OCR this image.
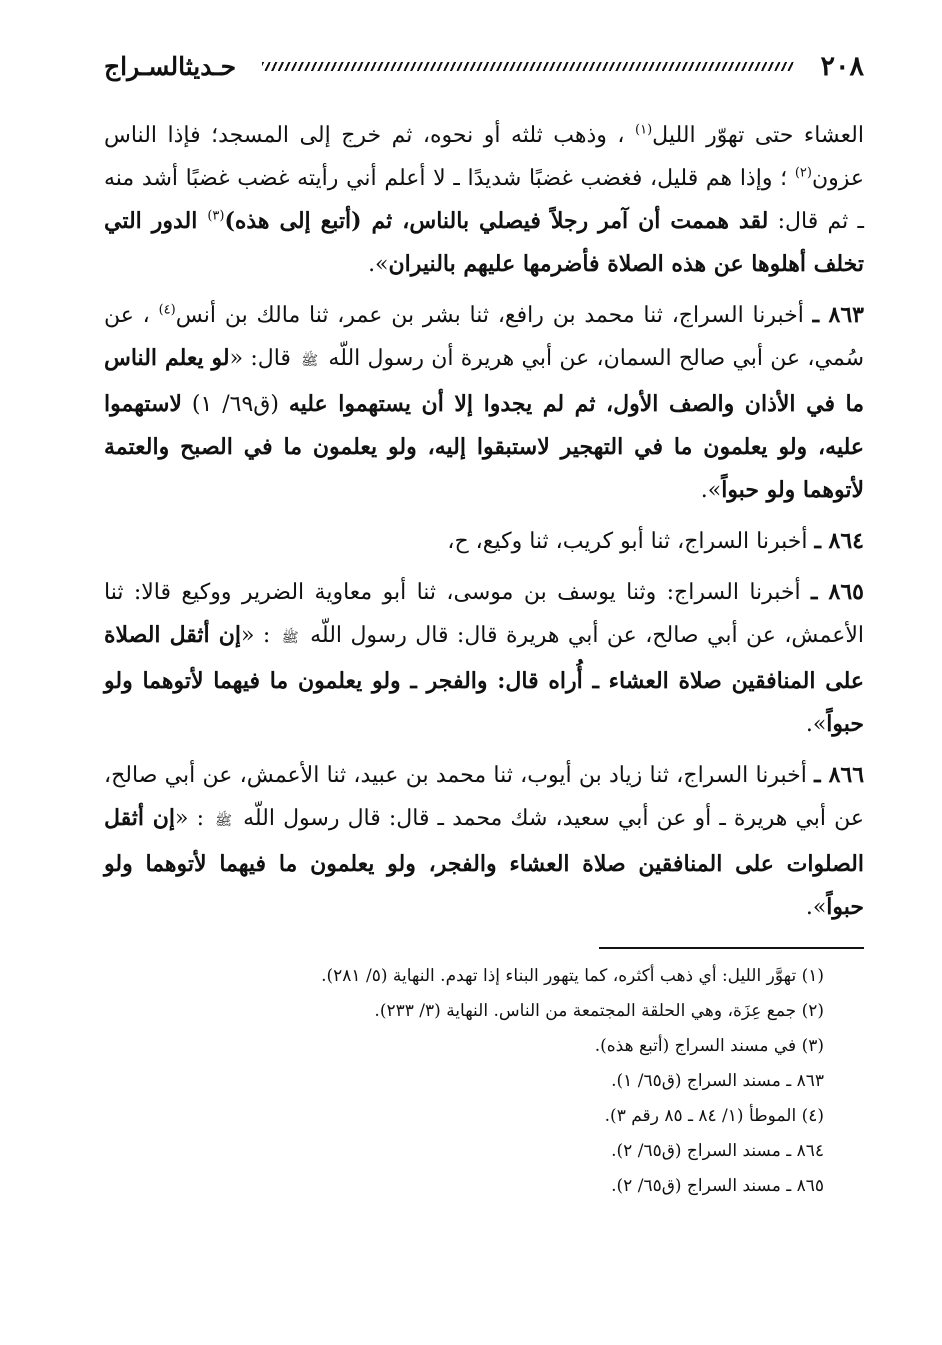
٢٠٨
حـديثالسـراج

العشاء حتى تهوّر الليل$^{(١)}$ ، وذهب ثلثه أو نحوه، ثم خرج إلى المسجد؛ فإذا الناس عزون$^{(٢)}$ ؛ وإذا هم قليل، فغضب غضبًا شديدًا ـ لا أعلم أني رأيته غضب غضبًا أشد منه ـ ثم قال: لقد هممت أن آمر رجلاً فيصلي بالناس، ثم (أتبع إلى هذه)$^{(٣)}$ الدور التي تخلف أهلوها عن هذه الصلاة فأضرمها عليهم بالنيران».

٨٦٣ ـ أخبرنا السراج، ثنا محمد بن رافع، ثنا بشر بن عمر، ثنا مالك بن أنس$^{(٤)}$ ، عن سُمي، عن أبي صالح السمان، عن أبي هريرة أن رسول اللّه ﷺ قال: «لو يعلم الناس ما في الأذان والصف الأول، ثم لم يجدوا إلا أن يستهموا عليه (ق٦٩/ ١) لاستهموا عليه، ولو يعلمون ما في التهجير لاستبقوا إليه، ولو يعلمون ما في الصبح والعتمة لأتوهما ولو حبواً».

٨٦٤ ـ أخبرنا السراج، ثنا أبو كريب، ثنا وكيع، ح،

٨٦٥ ـ أخبرنا السراج: وثنا يوسف بن موسى، ثنا أبو معاوية الضرير ووكيع قالا: ثنا الأعمش، عن أبي صالح، عن أبي هريرة قال: قال رسول اللّه ﷺ : «إن أثقل الصلاة على المنافقين صلاة العشاء ـ أُراه قال: والفجر ـ ولو يعلمون ما فيهما لأتوهما ولو حبواً».

٨٦٦ ـ أخبرنا السراج، ثنا زياد بن أيوب، ثنا محمد بن عبيد، ثنا الأعمش، عن أبي صالح، عن أبي هريرة ـ أو عن أبي سعيد، شك محمد ـ قال: قال رسول اللّه ﷺ : «إن أثقل الصلوات على المنافقين صلاة العشاء والفجر، ولو يعلمون ما فيهما لأتوهما ولو حبواً».

(١) تهوَّر الليل: أي ذهب أكثره، كما يتهور البناء إذا تهدم. النهاية (٥/ ٢٨١).
(٢) جمع عِزَة، وهي الحلقة المجتمعة من الناس. النهاية (٣/ ٢٣٣).
(٣) في مسند السراج (أتبع هذه).
٨٦٣ ـ مسند السراج (ق٦٥/ ١).
(٤) الموطأ (١/ ٨٤ ـ ٨٥ رقم ٣).
٨٦٤ ـ مسند السراج (ق٦٥/ ٢).
٨٦٥ ـ مسند السراج (ق٦٥/ ٢).
